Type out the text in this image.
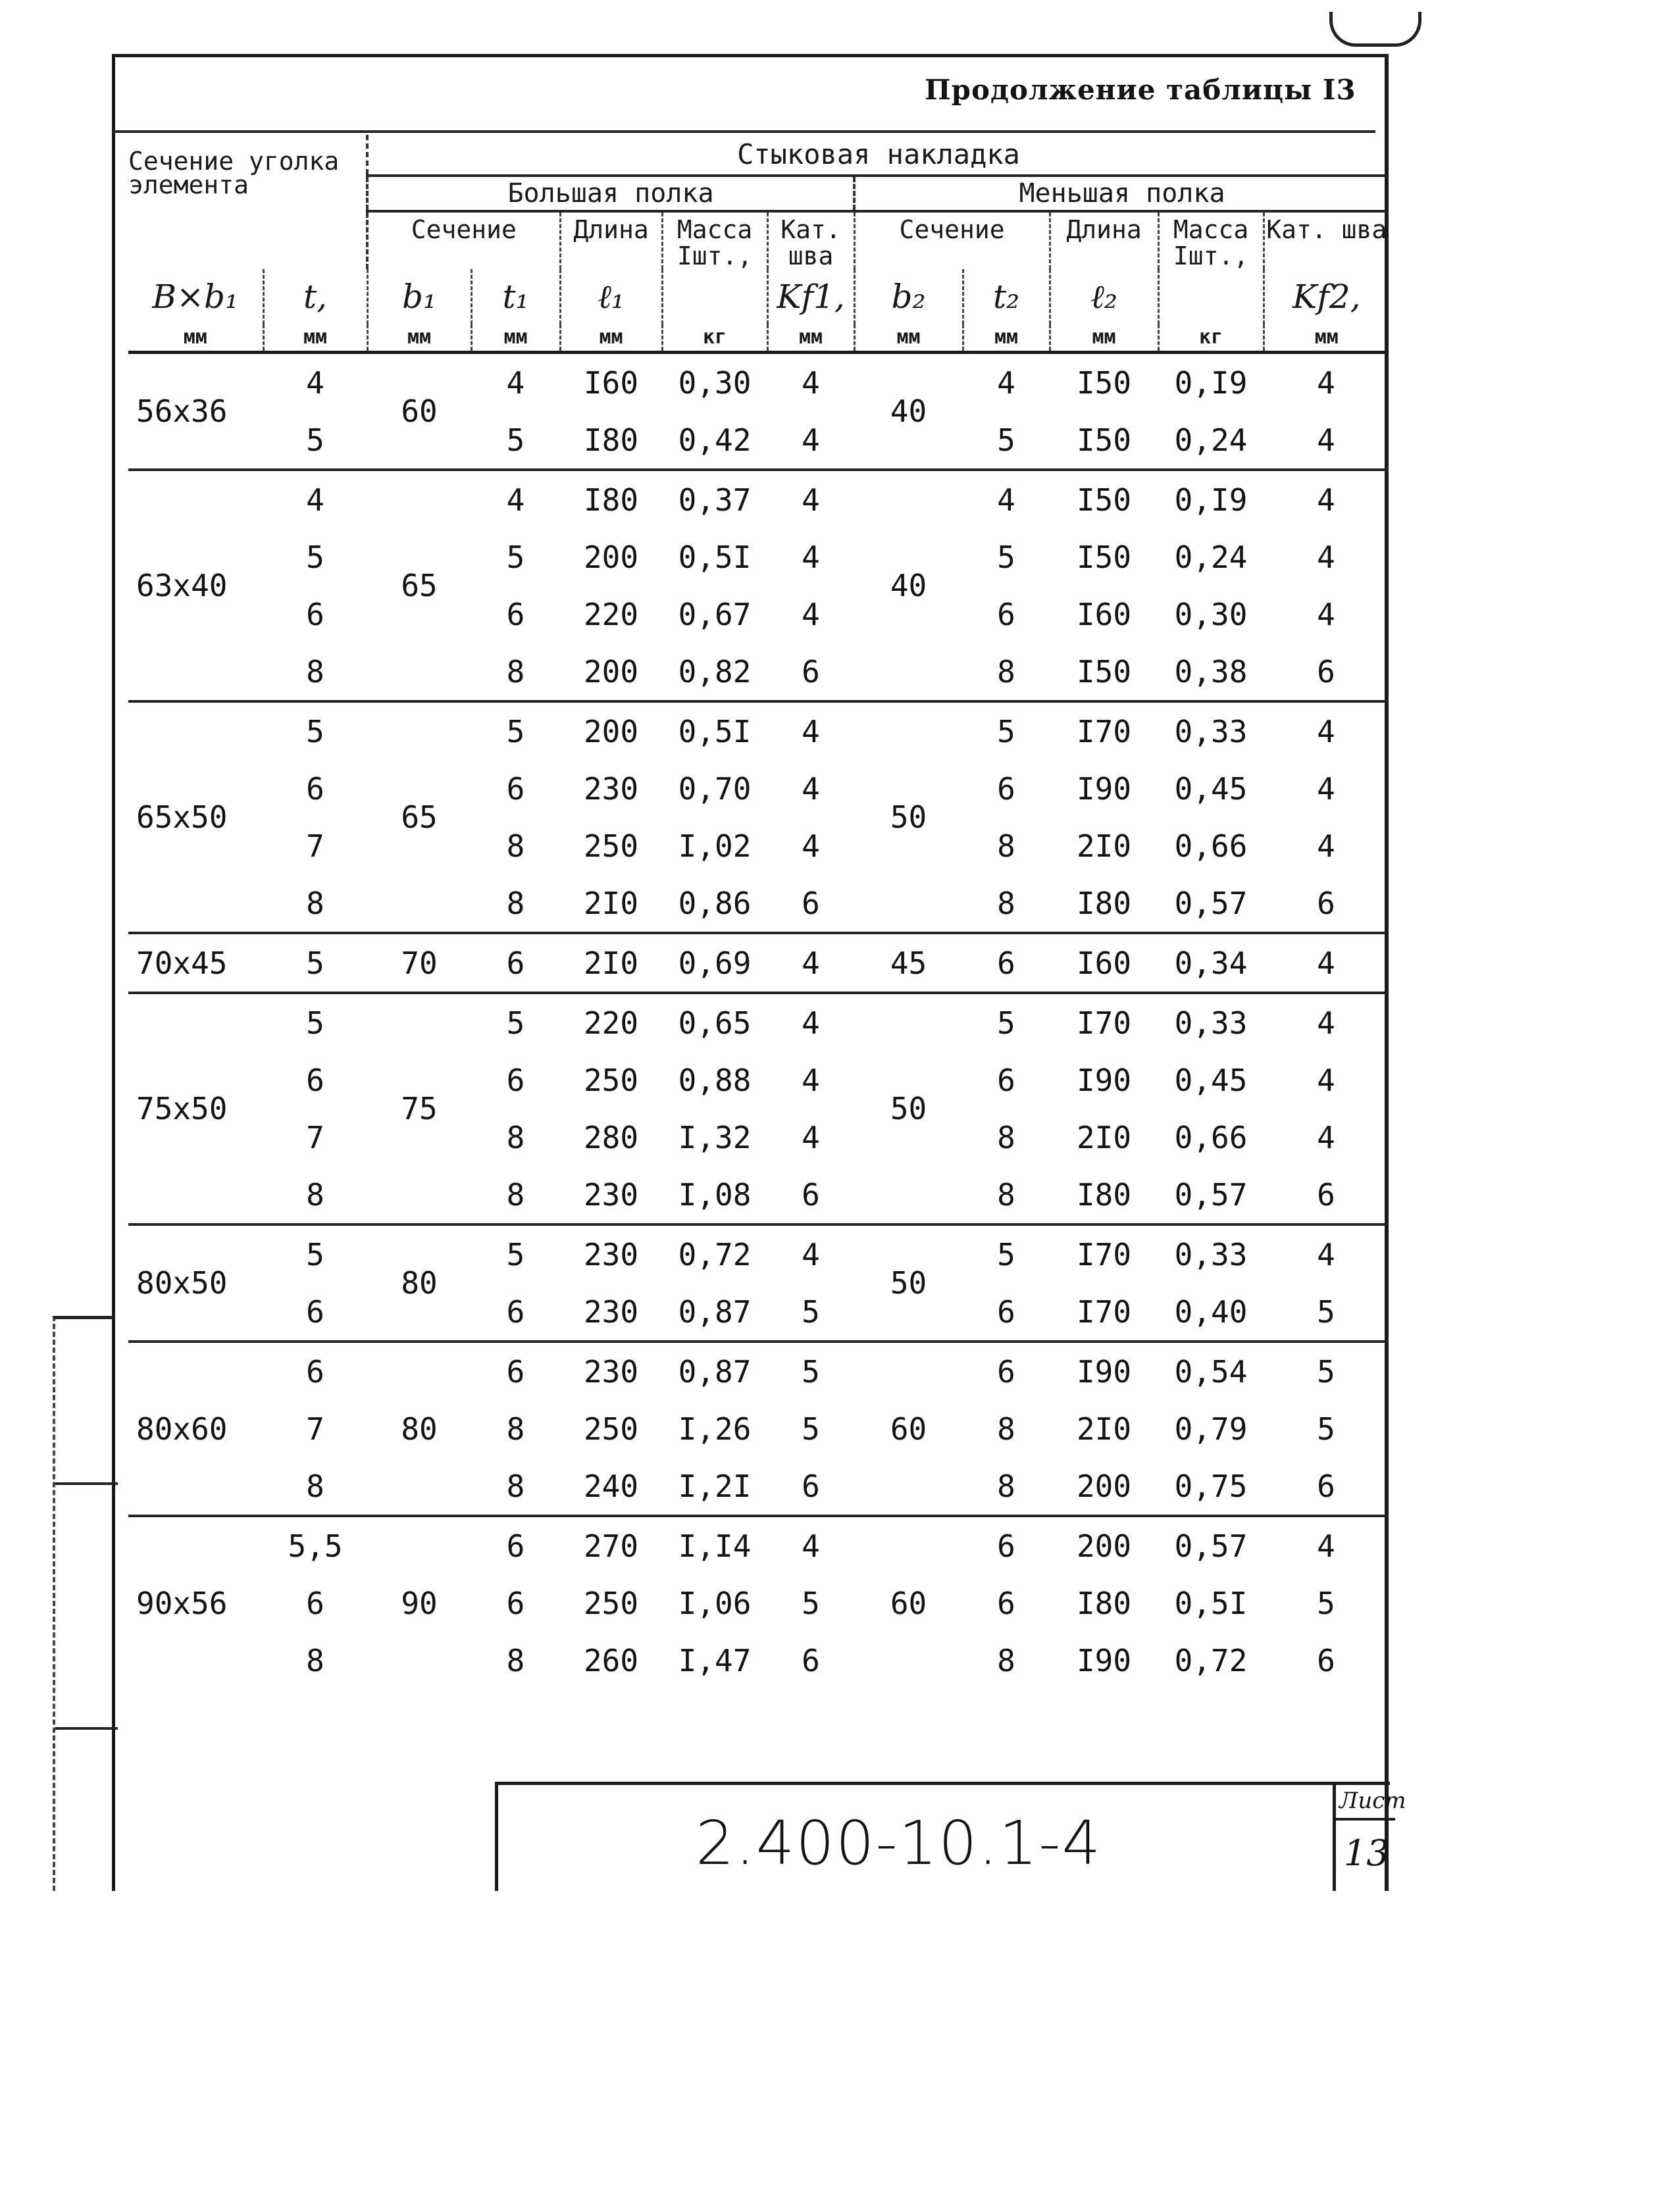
Продолжение таблицы I3
Сечение уголка элемента		Стыковая накладка									
		Большая полка					Меньшая полка				
		Сечение		Длина	Масса Iшт.,	Кат. шва	Сечение		Длина	Масса Iшт.,	Кат. шва
B×b₁	t,	b₁	t₁	ℓ₁		Kf1,	b₂	t₂	ℓ₂		Kf2,
мм	мм	мм	мм	мм	кг	мм	мм	мм	мм	кг	мм
56x36	4	60	4	I60	0,30	4	40	4	I50	0,I9	4
	5		5	I80	0,42	4		5	I50	0,24	4
63x40	4	65	4	I80	0,37	4	40	4	I50	0,I9	4
	5		5	200	0,5I	4		5	I50	0,24	4
	6		6	220	0,67	4		6	I60	0,30	4
	8		8	200	0,82	6		8	I50	0,38	6
65x50	5	65	5	200	0,5I	4	50	5	I70	0,33	4
	6		6	230	0,70	4		6	I90	0,45	4
	7		8	250	I,02	4		8	2I0	0,66	4
	8		8	2I0	0,86	6		8	I80	0,57	6
70x45	5	70	6	2I0	0,69	4	45	6	I60	0,34	4
75x50	5	75	5	220	0,65	4	50	5	I70	0,33	4
	6		6	250	0,88	4		6	I90	0,45	4
	7		8	280	I,32	4		8	2I0	0,66	4
	8		8	230	I,08	6		8	I80	0,57	6
80x50	5	80	5	230	0,72	4	50	5	I70	0,33	4
	6		6	230	0,87	5		6	I70	0,40	5
80x60	6	80	6	230	0,87	5	60	6	I90	0,54	5
	7		8	250	I,26	5		8	2I0	0,79	5
	8		8	240	I,2I	6		8	200	0,75	6
90x56	5,5	90	6	270	I,I4	4	60	6	200	0,57	4
	6		6	250	I,06	5		6	I80	0,5I	5
	8		8	260	I,47	6		8	I90	0,72	6
2.400-10.1-4
Лист
13
